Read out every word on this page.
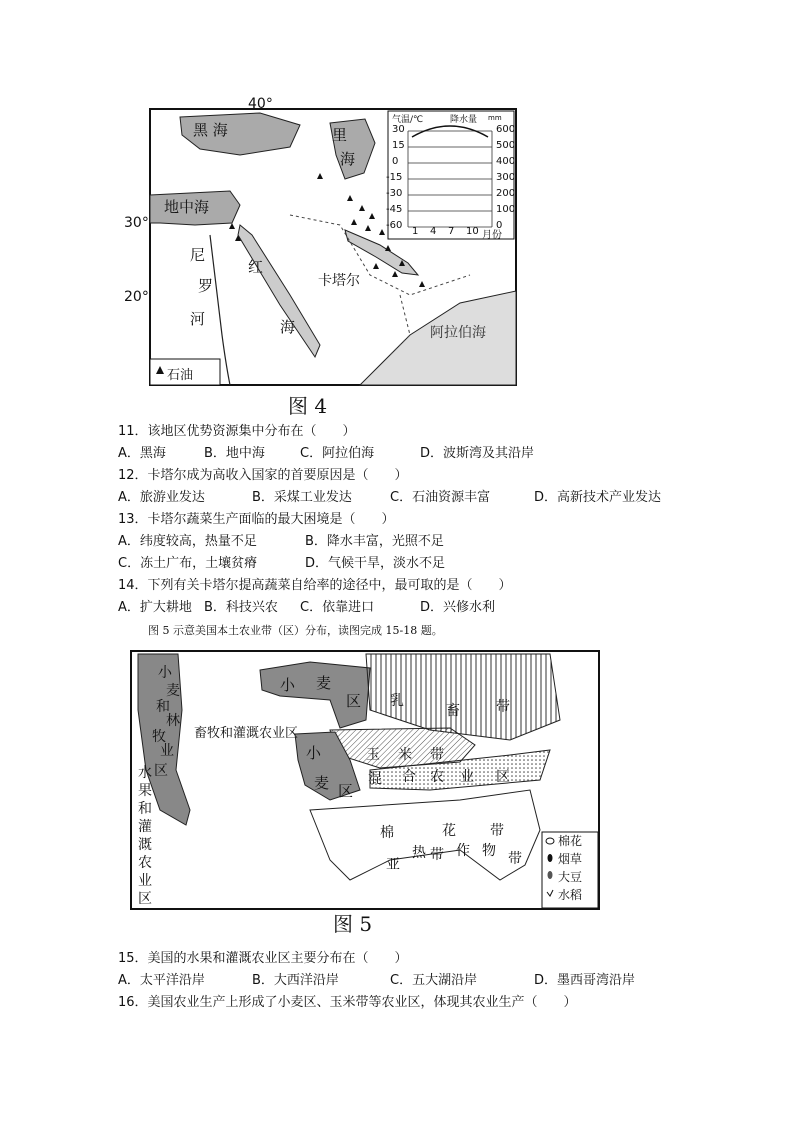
40°
30°
20°
黑 海	里
海
地中海
尼
罗
河
红
海
卡塔尔
阿拉伯海
石油
气温/℃	降水量 mm
30
15
0
-15
-30
-45
-60
600
500
400
300
200
100
0
1 4 7 10 月份
图 4
11．该地区优势资源集中分布在（　　）
A．黑海	B．地中海	C．阿拉伯海	D．波斯湾及其沿岸
12．卡塔尔成为高收入国家的首要原因是（　　）
A．旅游业发达	B．采煤工业发达	C．石油资源丰富	D．高新技术产业发达
13．卡塔尔蔬菜生产面临的最大困境是（　　）
A．纬度较高，热量不足	B．降水丰富，光照不足
C．冻土广布，土壤贫瘠	D．气候干旱，淡水不足
14．下列有关卡塔尔提高蔬菜自给率的途径中，最可取的是（　　）
A．扩大耕地 B．科技兴农 C．依靠进口	D．兴修水利
图 5 示意美国本土农业带（区）分布，读图完成 15-18 题。
小 麦
区
小
麦 区
畜牧和灌溉农业区
乳
畜	带
玉 米 带
混 合 农 业 区
棉	花 带
亚
热 带 作 物 带
小
麦
和
林
牧
业
区
水
果
和
灌
溉
农
业
区
棉花
烟草
大豆
水稻
图 5
15．美国的水果和灌溉农业区主要分布在（　　）
A．太平洋沿岸	B．大西洋沿岸	C．五大湖沿岸	D．墨西哥湾沿岸
16．美国农业生产上形成了小麦区、玉米带等农业区，体现其农业生产（　　）
